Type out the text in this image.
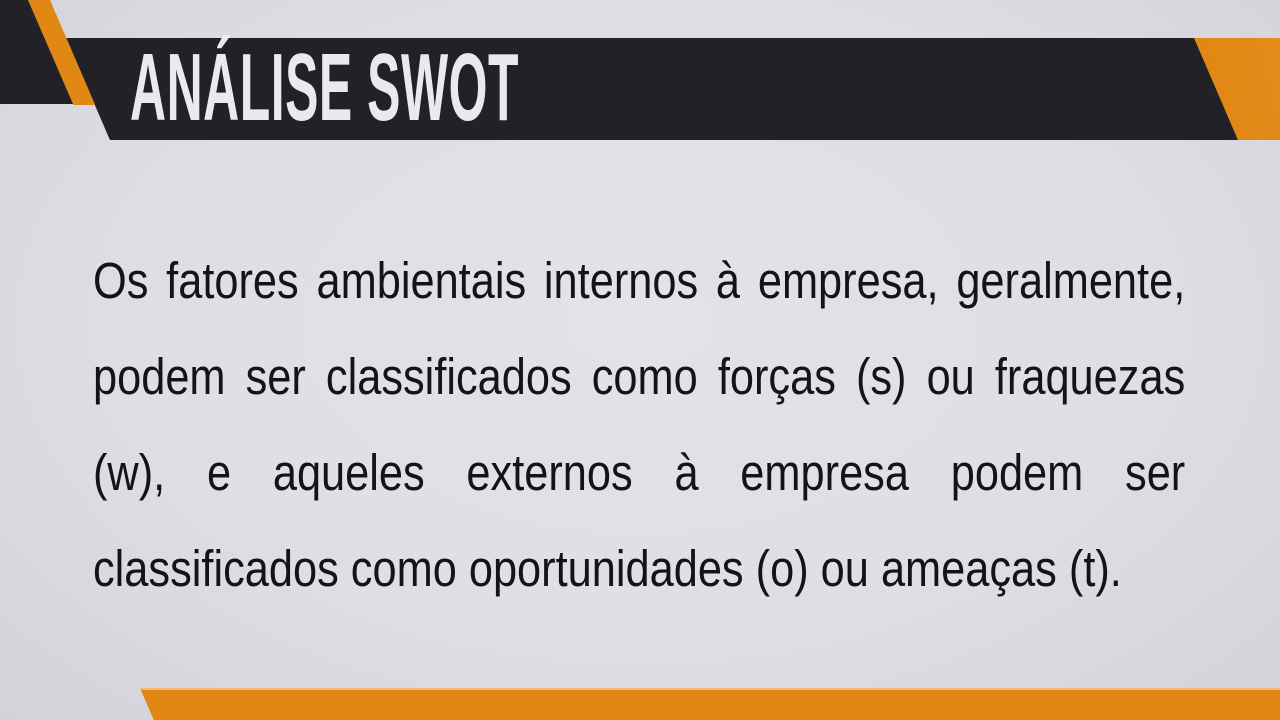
ANÁLISE SWOT
Os fatores ambientais internos à empresa, geralmente,
podem ser classificados como forças (s) ou fraquezas
(w), e aqueles externos à empresa podem ser
classificados como oportunidades (o) ou ameaças (t).
